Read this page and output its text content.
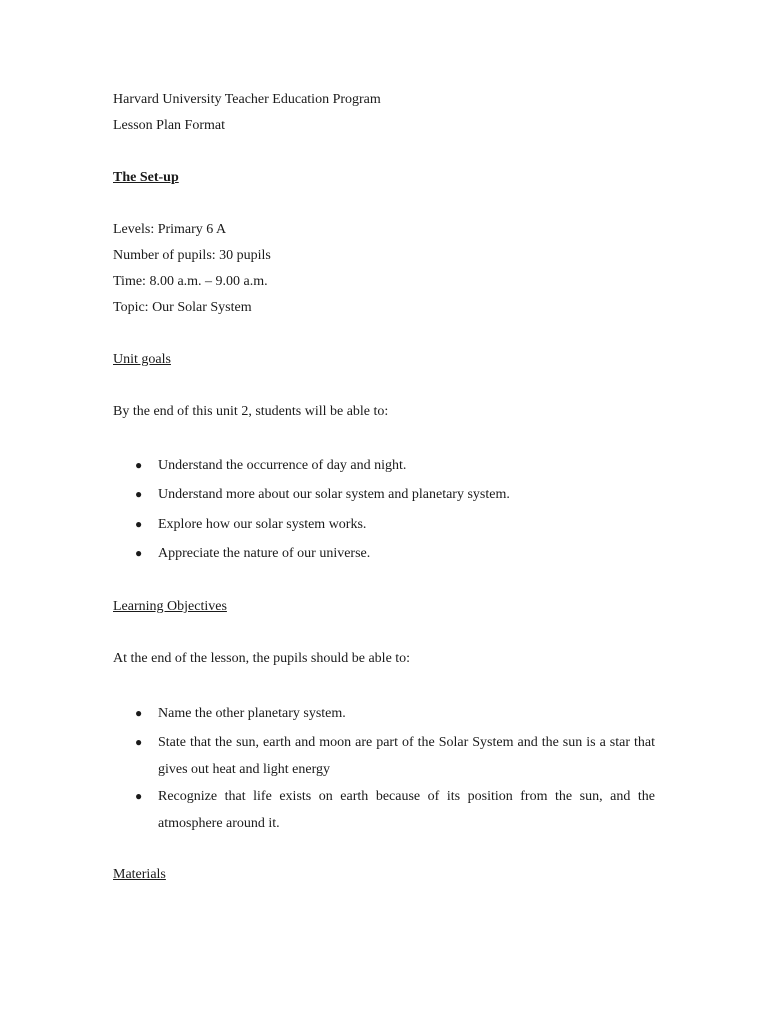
Harvard University Teacher Education Program
Lesson Plan Format
The Set-up
Levels: Primary 6 A
Number of pupils: 30 pupils
Time: 8.00 a.m. – 9.00 a.m.
Topic: Our Solar System
Unit goals
By the end of this unit 2, students will be able to:
● Understand the occurrence of day and night.
● Understand more about our solar system and planetary system.
● Explore how our solar system works.
● Appreciate the nature of our universe.
Learning Objectives
At the end of the lesson, the pupils should be able to:
● Name the other planetary system.
● State that the sun, earth and moon are part of the Solar System and the sun is a star that gives out heat and light energy
● Recognize that life exists on earth because of its position from the sun, and the atmosphere around it.
Materials
